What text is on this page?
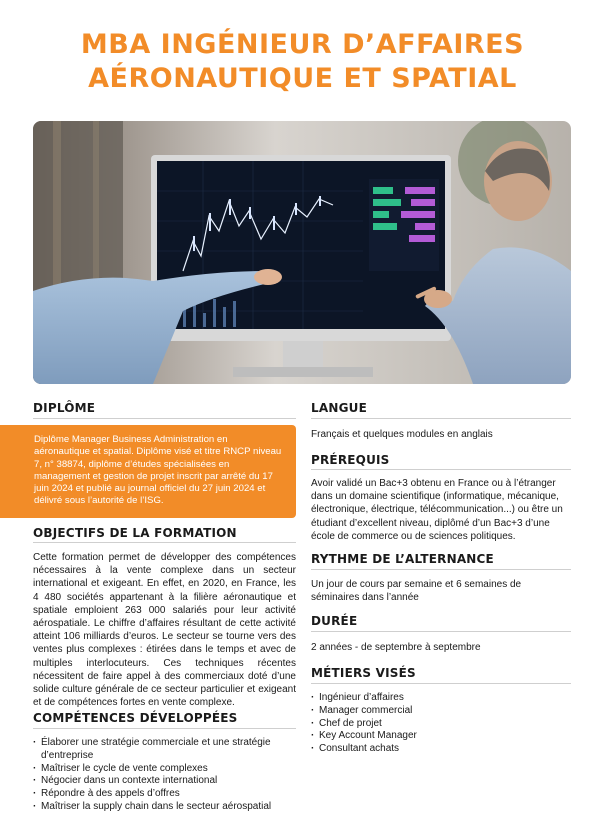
MBA INGÉNIEUR D’AFFAIRES
AÉRONAUTIQUE ET SPATIAL
DIPLÔME
Diplôme Manager Business Administration en aéronautique et spatial. Diplôme visé et titre RNCP niveau 7, n° 38874, diplôme d’études spécialisées en management et gestion de projet inscrit par arrêté du 17 juin 2024 et publié au journal officiel du 27 juin 2024 et délivré sous l’autorité de l’ISG.
OBJECTIFS DE LA FORMATION
Cette formation permet de développer des compétences nécessaires à la vente complexe dans un secteur international et exigeant. En effet, en 2020, en France, les 4 480 sociétés appartenant à la filière aéronautique et spatiale emploient 263 000 salariés pour leur activité aérospatiale. Le chiffre d’affaires résultant de cette activité atteint 106 milliards d’euros. Le secteur se tourne vers des ventes plus complexes : étirées dans le temps et avec de multiples interlocuteurs. Ces techniques récentes nécessitent de faire appel à des commerciaux doté d’une solide culture générale de ce secteur particulier et exigeant et de compétences fortes en vente complexe.
COMPÉTENCES DÉVELOPPÉES
· Élaborer une stratégie commerciale et une stratégie d’entreprise
· Maîtriser le cycle de vente complexes
· Négocier dans un contexte international
· Répondre à des appels d’offres
· Maîtriser la supply chain dans le secteur aérospatial
LANGUE
Français et quelques modules en anglais
PRÉREQUIS
Avoir validé un Bac+3 obtenu en France ou à l’étranger dans un domaine scientifique (informatique, mécanique, électronique, électrique, télécommunication...) ou être un étudiant d’excellent niveau, diplômé d’un Bac+3 d’une école de commerce ou de sciences politiques.
RYTHME DE L’ALTERNANCE
Un jour de cours par semaine et 6 semaines de séminaires dans l’année
DURÉE
2 années - de septembre à septembre
MÉTIERS VISÉS
· Ingénieur d’affaires
· Manager commercial
· Chef de projet
· Key Account Manager
· Consultant achats
